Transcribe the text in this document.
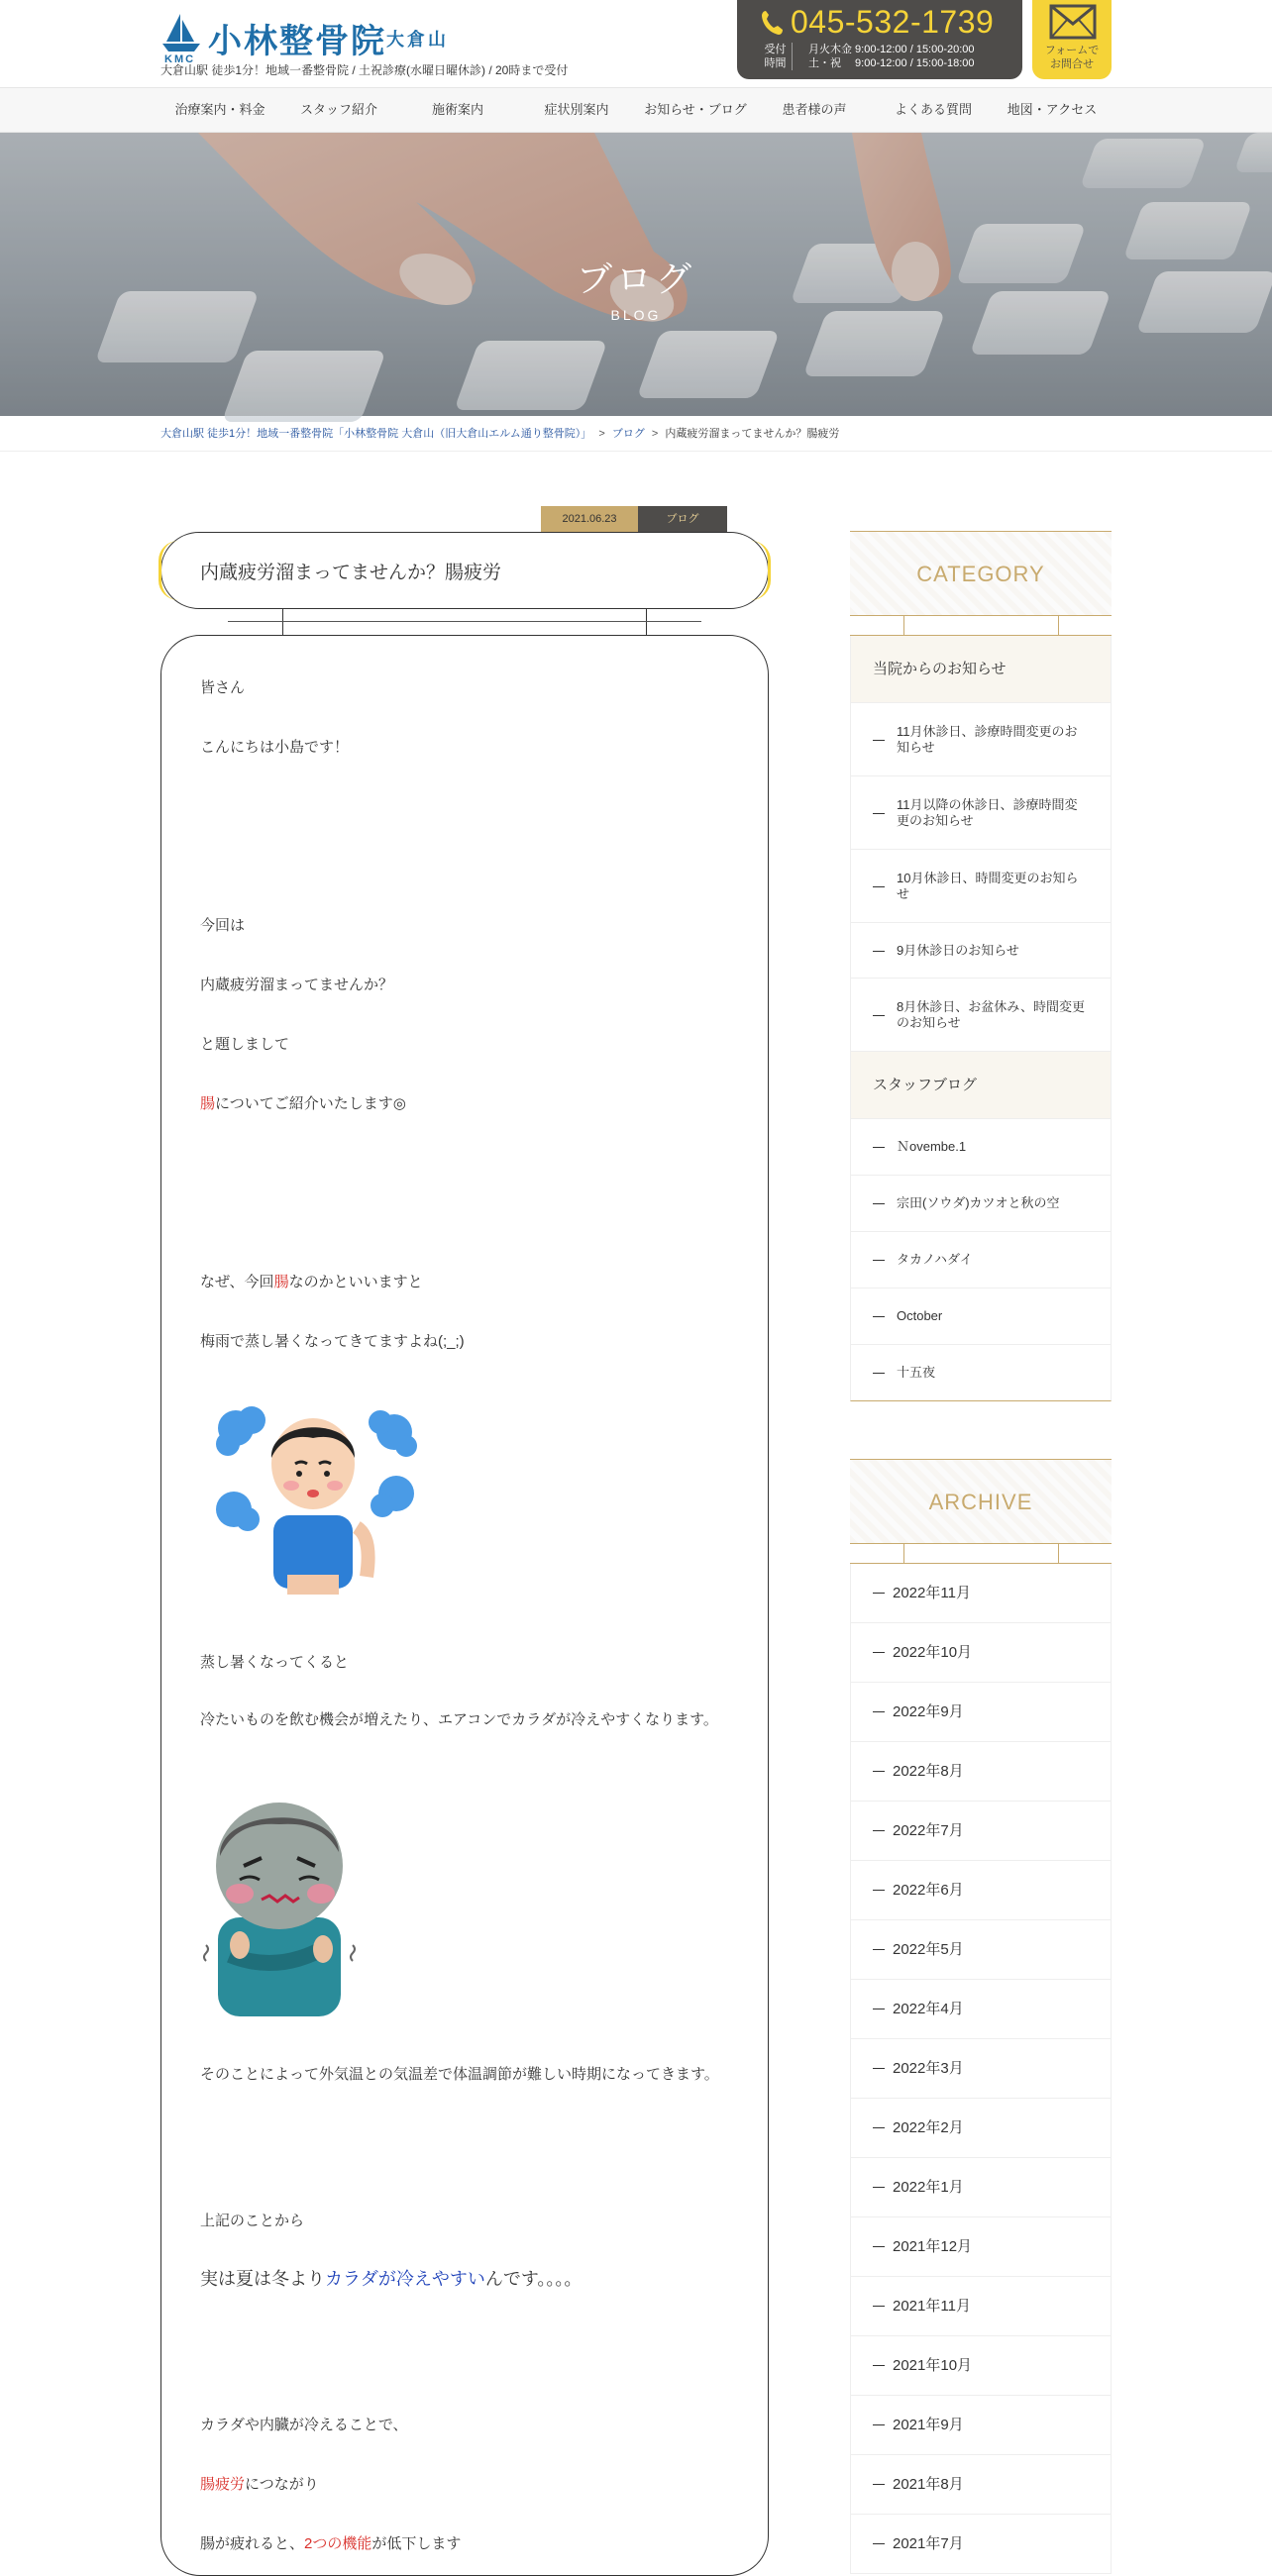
小林整骨院 大倉山
KMC
大倉山駅 徒歩1分！地域一番整骨院 / 土祝診療(水曜日曜休診) / 20時まで受付
045-532-1739
受付
時間
月火木金 9:00-12:00 / 15:00-20:00
土・祝　 9:00-12:00 / 15:00-18:00
フォームで
お問合せ
治療案内・料金	スタッフ紹介	施術案内	症状別案内	お知らせ・ブログ	患者様の声	よくある質問	地図・アクセス
ブログ
BLOG
大倉山駅 徒歩1分！地域一番整骨院「小林整骨院 大倉山（旧大倉山エルム通り整骨院）」 > ブログ > 内蔵疲労溜まってませんか？腸疲労
2021.06.23	ブログ
内蔵疲労溜まってませんか？腸疲労
皆さん
こんにちは小島です！
今回は
内蔵疲労溜まってませんか？
と題しまして
腸についてご紹介いたします◎
なぜ、今回腸なのかといいますと
梅雨で蒸し暑くなってきてますよね(;_;)
蒸し暑くなってくると
冷たいものを飲む機会が増えたり、エアコンでカラダが冷えやすくなります。
そのことによって外気温との気温差で体温調節が難しい時期になってきます。
上記のことから
実は夏は冬よりカラダが冷えやすいんです。。。。
カラダや内臓が冷えることで、
腸疲労につながり
腸が疲れると、2つの機能が低下します
CATEGORY
当院からのお知らせ
11月休診日、診療時間変更のお知らせ
11月以降の休診日、診療時間変更のお知らせ
10月休診日、時間変更のお知らせ
9月休診日のお知らせ
8月休診日、お盆休み、時間変更のお知らせ
スタッフブログ
Ｎovembe.1
宗田(ソウダ)カツオと秋の空
タカノハダイ
October
十五夜
ARCHIVE
2022年11月
2022年10月
2022年9月
2022年8月
2022年7月
2022年6月
2022年5月
2022年4月
2022年3月
2022年2月
2022年1月
2021年12月
2021年11月
2021年10月
2021年9月
2021年8月
2021年7月
